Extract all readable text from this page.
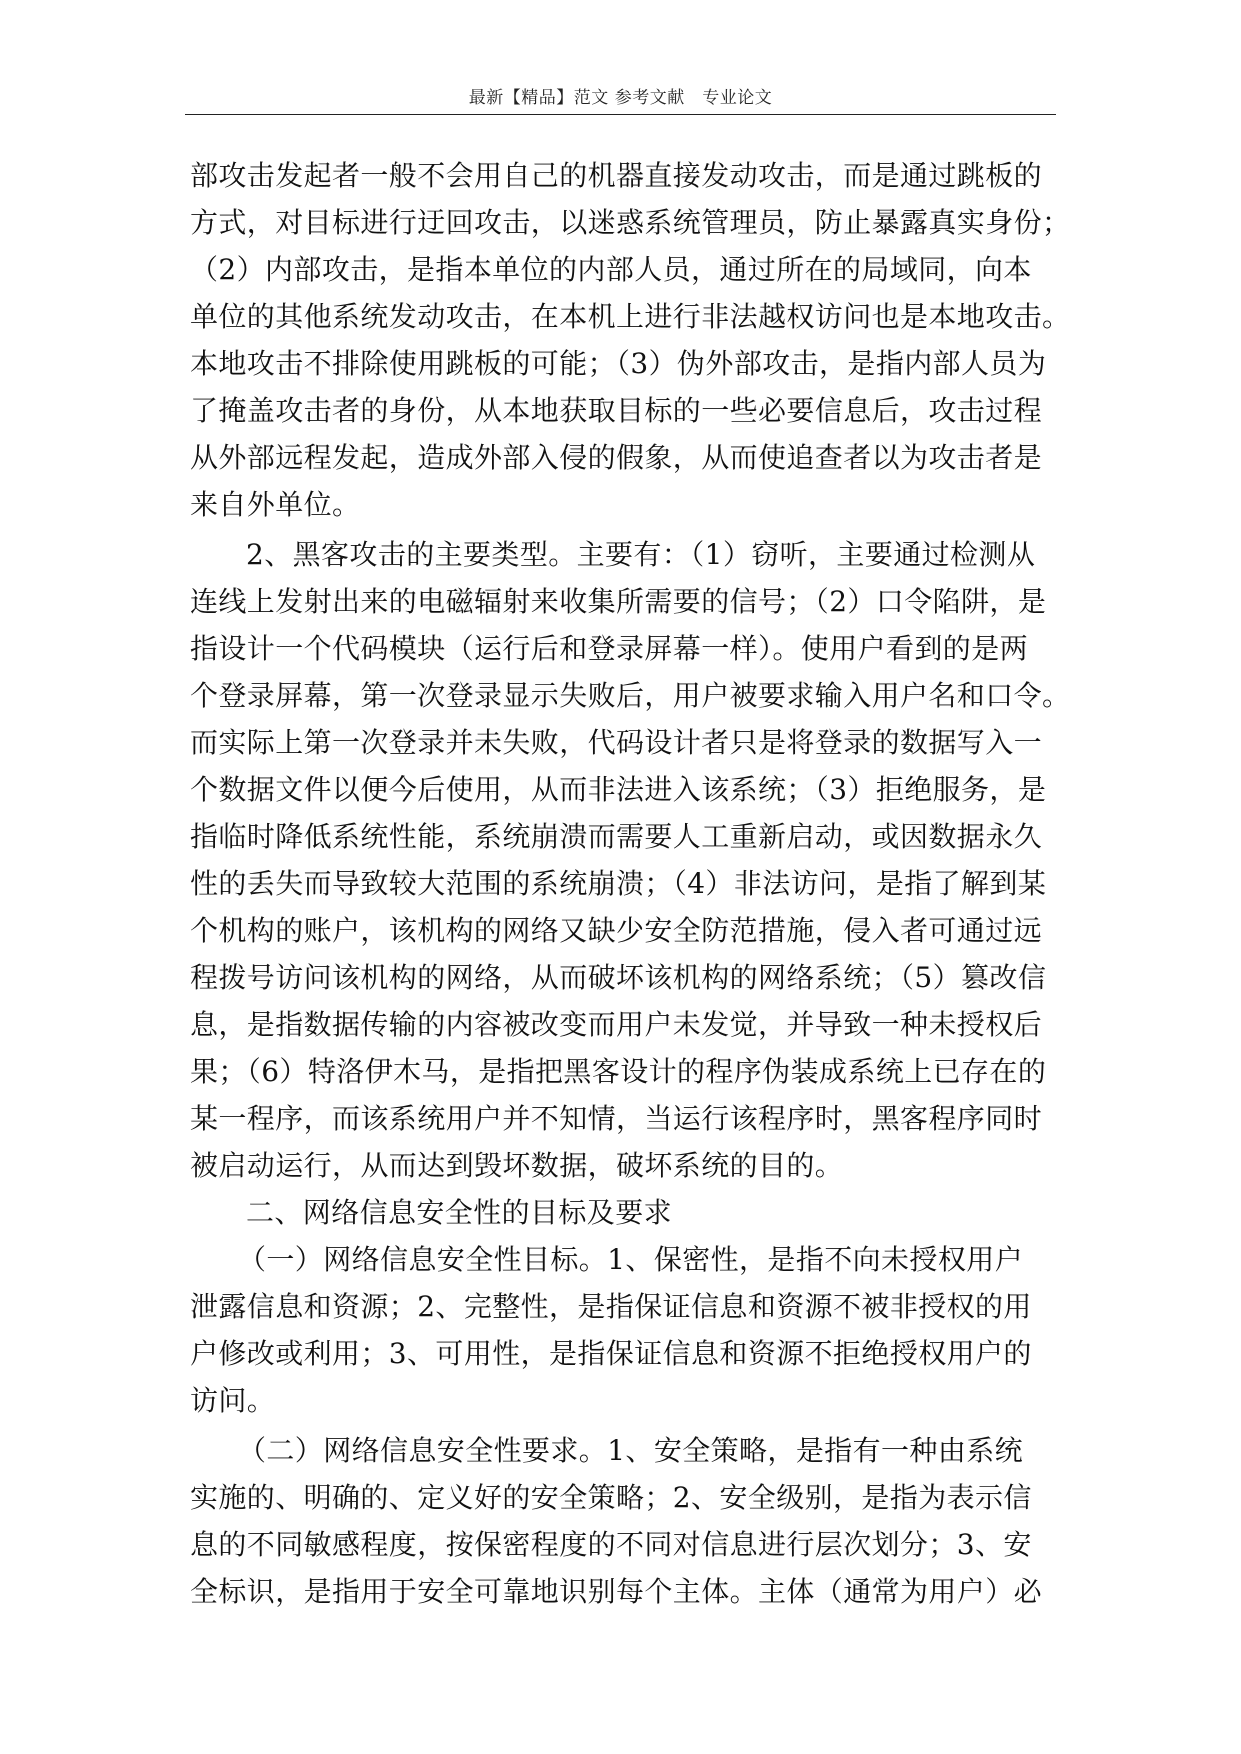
最新【精品】范文 参考文献　专业论文
部攻击发起者一般不会用自己的机器直接发动攻击，而是通过跳板的
方式，对目标进行迂回攻击，以迷惑系统管理员，防止暴露真实身份；
（2）内部攻击，是指本单位的内部人员，通过所在的局域同，向本
单位的其他系统发动攻击，在本机上进行非法越权访问也是本地攻击。
本地攻击不排除使用跳板的可能；（3）伪外部攻击，是指内部人员为
了掩盖攻击者的身份，从本地获取目标的一些必要信息后，攻击过程
从外部远程发起，造成外部入侵的假象，从而使追查者以为攻击者是
来自外单位。
2、黑客攻击的主要类型。主要有：（1）窃听，主要通过检测从
连线上发射出来的电磁辐射来收集所需要的信号；（2）口令陷阱，是
指设计一个代码模块（运行后和登录屏幕一样）。使用户看到的是两
个登录屏幕，第一次登录显示失败后，用户被要求输入用户名和口令。
而实际上第一次登录并未失败，代码设计者只是将登录的数据写入一
个数据文件以便今后使用，从而非法进入该系统；（3）拒绝服务，是
指临时降低系统性能，系统崩溃而需要人工重新启动，或因数据永久
性的丢失而导致较大范围的系统崩溃；（4）非法访问，是指了解到某
个机构的账户，该机构的网络又缺少安全防范措施，侵入者可通过远
程拨号访问该机构的网络，从而破坏该机构的网络系统；（5）篡改信
息，是指数据传输的内容被改变而用户未发觉，并导致一种未授权后
果；（6）特洛伊木马，是指把黑客设计的程序伪装成系统上已存在的
某一程序，而该系统用户并不知情，当运行该程序时，黑客程序同时
被启动运行，从而达到毁坏数据，破坏系统的目的。
二、网络信息安全性的目标及要求
（一）网络信息安全性目标。1、保密性，是指不向未授权用户
泄露信息和资源；2、完整性，是指保证信息和资源不被非授权的用
户修改或利用；3、可用性，是指保证信息和资源不拒绝授权用户的
访问。
（二）网络信息安全性要求。1、安全策略，是指有一种由系统
实施的、明确的、定义好的安全策略；2、安全级别，是指为表示信
息的不同敏感程度，按保密程度的不同对信息进行层次划分；3、安
全标识，是指用于安全可靠地识别每个主体。主体（通常为用户）必
